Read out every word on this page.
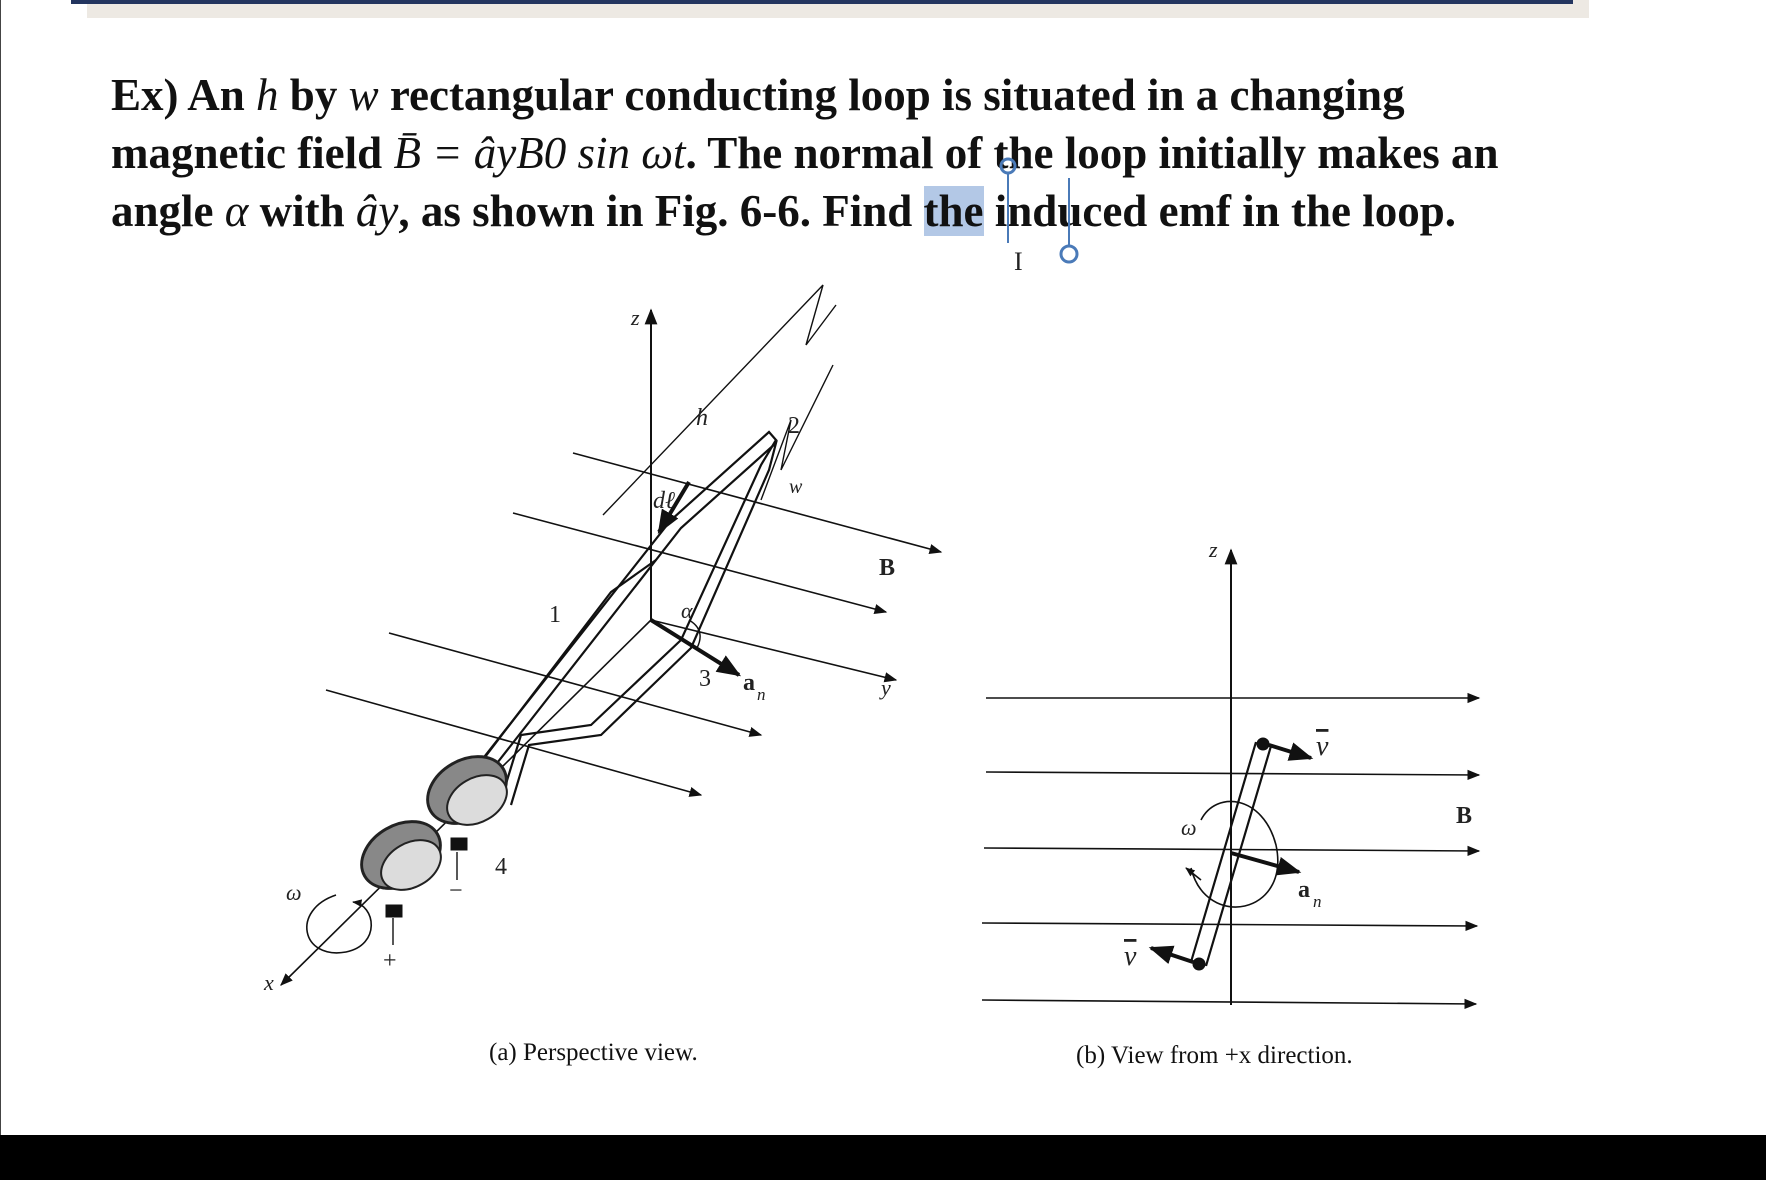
Ex) An h by w rectangular conducting loop is situated in a changing
magnetic field B̄ = âyB0 sin ωt. The normal of the loop initially makes an
angle α with ây, as shown in Fig. 6-6. Find the induced emf in the loop.
I
z
y
x
h
w
dℓ
α
a n
B
1
2
3
4
ω
+
−
(a) Perspective view.
z
B
v
v
ω
a n
(b) View from +x direction.
